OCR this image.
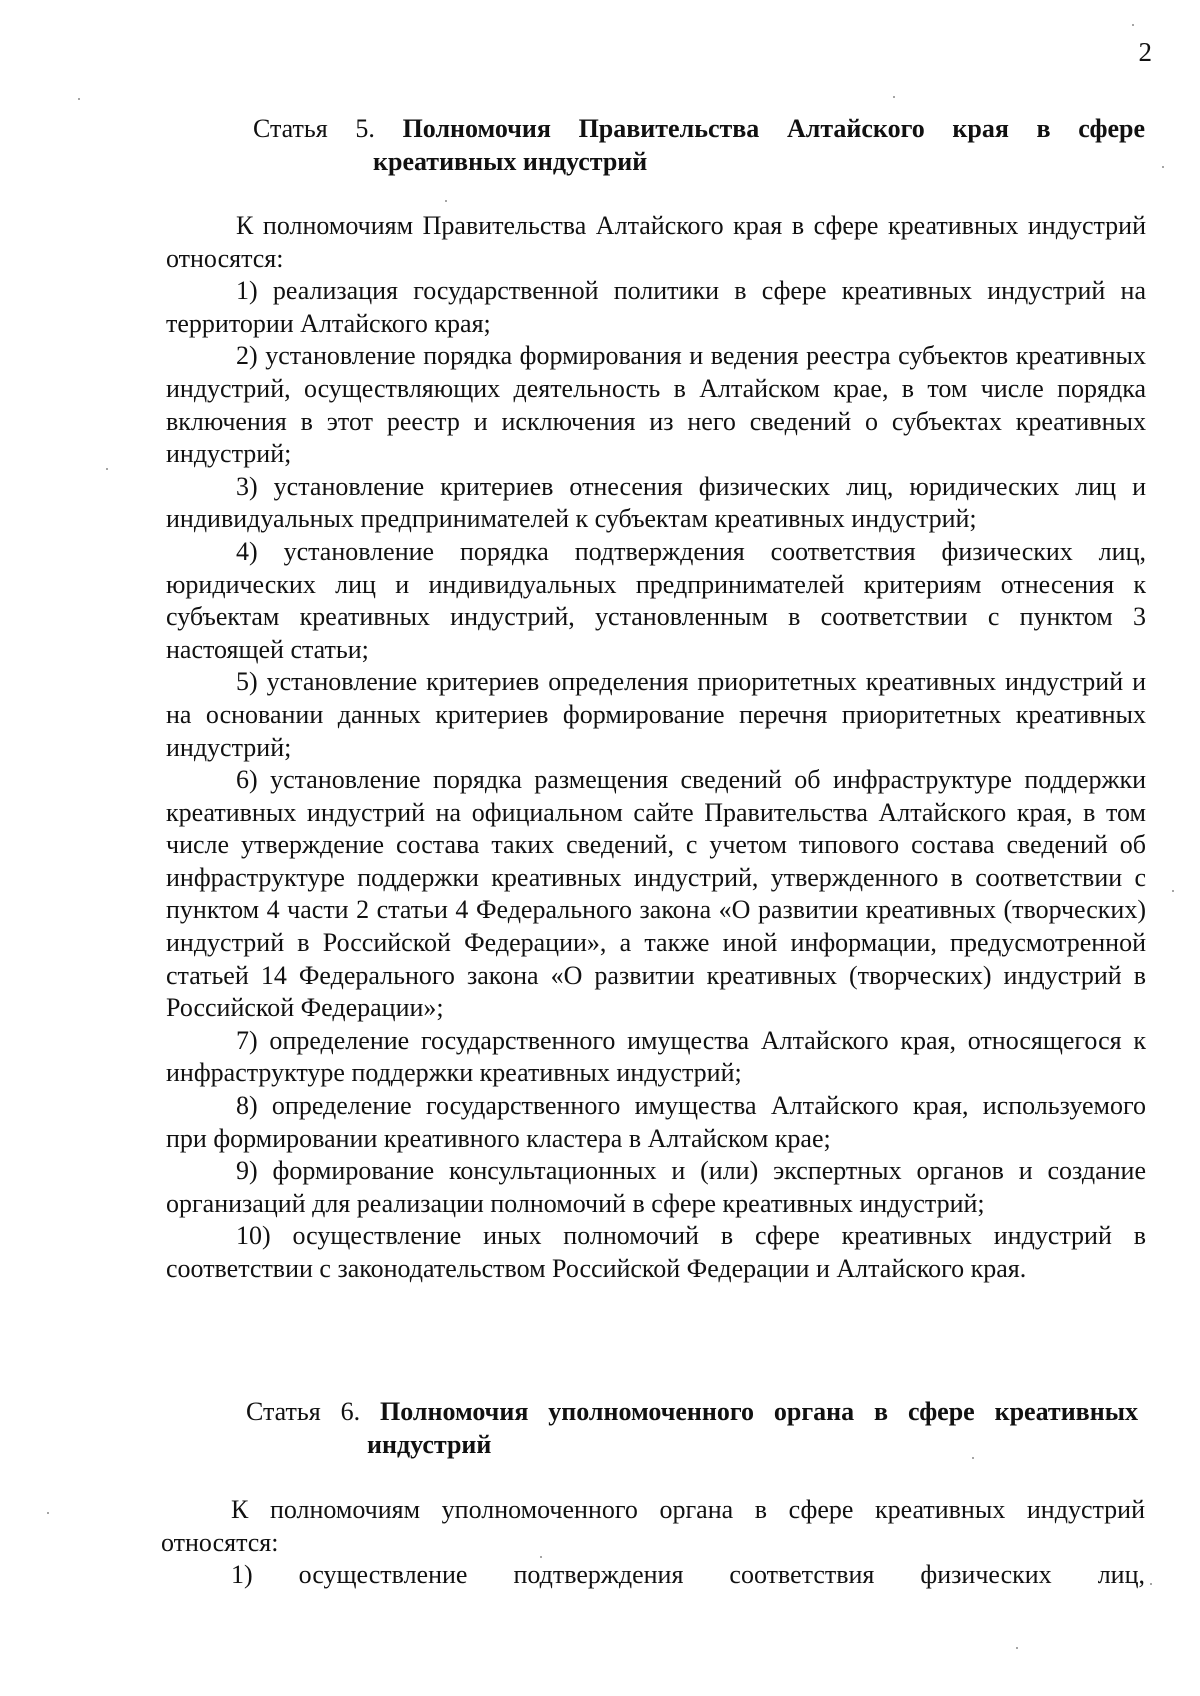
2
Статья 5. Полномочия Правительства Алтайского края в сфере
креативных индустрий

К полномочиям Правительства Алтайского края в сфере креативных индустрий относятся:

1) реализация государственной политики в сфере креативных индустрий на территории Алтайского края;

2) установление порядка формирования и ведения реестра субъектов креативных индустрий, осуществляющих деятельность в Алтайском крае, в том числе порядка включения в этот реестр и исключения из него сведений о субъектах креативных индустрий;

3) установление критериев отнесения физических лиц, юридических лиц и индивидуальных предпринимателей к субъектам креативных индустрий;

4) установление порядка подтверждения соответствия физических лиц, юридических лиц и индивидуальных предпринимателей критериям отнесения к субъектам креативных индустрий, установленным в соответствии с пунктом 3 настоящей статьи;

5) установление критериев определения приоритетных креативных индустрий и на основании данных критериев формирование перечня приоритетных креативных индустрий;

6) установление порядка размещения сведений об инфраструктуре поддержки креативных индустрий на официальном сайте Правительства Алтайского края, в том числе утверждение состава таких сведений, с учетом типового состава сведений об инфраструктуре поддержки креативных индустрий, утвержденного в соответствии с пунктом 4 части 2 статьи 4 Федерального закона «О развитии креативных (творческих) индустрий в Российской Федерации», а также иной информации, предусмотренной статьей 14 Федерального закона «О развитии креативных (творческих) индустрий в Российской Федерации»;

7) определение государственного имущества Алтайского края, относящегося к инфраструктуре поддержки креативных индустрий;

8) определение государственного имущества Алтайского края, используемого при формировании креативного кластера в Алтайском крае;

9) формирование консультационных и (или) экспертных органов и создание организаций для реализации полномочий в сфере креативных индустрий;

10) осуществление иных полномочий в сфере креативных индустрий в соответствии с законодательством Российской Федерации и Алтайского края.

Статья 6. Полномочия уполномоченного органа в сфере креативных
индустрий

К полномочиям уполномоченного органа в сфере креативных индустрий относятся:

1) осуществление подтверждения соответствия физических лиц,
